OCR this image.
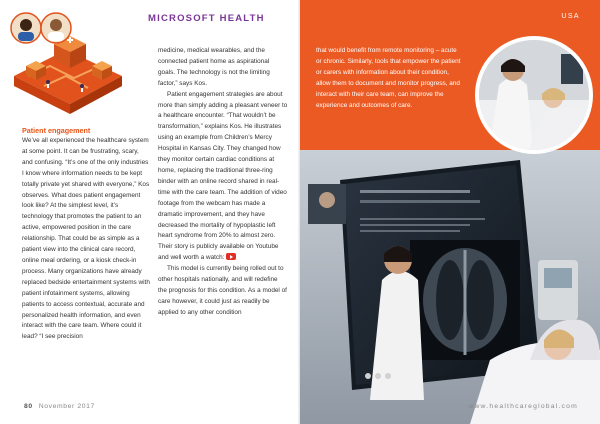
MICROSOFT HEALTH
Patient engagement

We’ve all experienced the healthcare system at some point. It can be frustrating, scary, and confusing. “It’s one of the only industries I know where information needs to be kept totally private yet shared with everyone,” Kos observes. What does patient engagement look like? At the simplest level, it’s technology that promotes the patient to an active, empowered position in the care relationship. That could be as simple as a patient view into the clinical care record, online meal ordering, or a kiosk check-in process. Many organizations have already replaced bedside entertainment systems with patient infotainment systems, allowing patients to access contextual, accurate and personalized health information, and even interact with the care team. Where could it lead? “I see precision

medicine, medical wearables, and the connected patient home as aspirational goals. The technology is not the limiting factor,” says Kos.

Patient engagement strategies are about more than simply adding a pleasant veneer to a healthcare encounter. “That wouldn’t be transformation,” explains Kos. He illustrates using an example from Children’s Mercy Hospital in Kansas City. They changed how they monitor certain cardiac conditions at home, replacing the traditional three-ring binder with an online record shared in real-time with the care team. The addition of video footage from the webcam has made a dramatic improvement, and they have decreased the mortality of hypoplastic left heart syndrome from 20% to almost zero. Their story is publicly available on Youtube and well worth a watch:

This model is currently being rolled out to other hospitals nationally, and will redefine the prognosis for this condition. As a model of care however, it could just as readily be applied to any other condition

80 November 2017
USA
that would benefit from remote monitoring – acute or chronic. Similarly, tools that empower the patient or carers with information about their condition, allow them to document and monitor progress, and interact with their care team, can improve the experience and outcomes of care.
www.healthcareglobal.com
